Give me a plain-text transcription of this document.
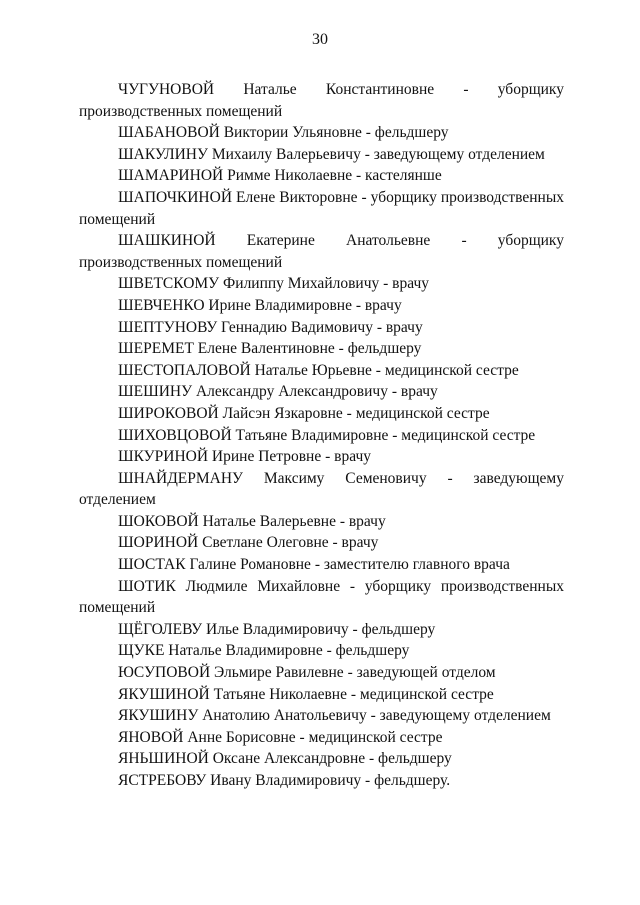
30

ЧУГУНОВОЙ Наталье Константиновне - уборщику производственных помещений

ШАБАНОВОЙ Виктории Ульяновне - фельдшеру

ШАКУЛИНУ Михаилу Валерьевичу - заведующему отделением

ШАМАРИНОЙ Римме Николаевне - кастелянше

ШАПОЧКИНОЙ Елене Викторовне - уборщику производственных помещений

ШАШКИНОЙ Екатерине Анатольевне - уборщику производственных помещений

ШВЕТСКОМУ Филиппу Михайловичу - врачу

ШЕВЧЕНКО Ирине Владимировне - врачу

ШЕПТУНОВУ Геннадию Вадимовичу - врачу

ШЕРЕМЕТ Елене Валентиновне - фельдшеру

ШЕСТОПАЛОВОЙ Наталье Юрьевне - медицинской сестре

ШЕШИНУ Александру Александровичу - врачу

ШИРОКОВОЙ Лайсэн Язкаровне - медицинской сестре

ШИХОВЦОВОЙ Татьяне Владимировне - медицинской сестре

ШКУРИНОЙ Ирине Петровне - врачу

ШНАЙДЕРМАНУ Максиму Семеновичу - заведующему отделением

ШОКОВОЙ Наталье Валерьевне - врачу

ШОРИНОЙ Светлане Олеговне - врачу

ШОСТАК Галине Романовне - заместителю главного врача

ШОТИК Людмиле Михайловне - уборщику производственных помещений

ЩЁГОЛЕВУ Илье Владимировичу - фельдшеру

ЩУКЕ Наталье Владимировне - фельдшеру

ЮСУПОВОЙ Эльмире Равилевне - заведующей отделом

ЯКУШИНОЙ Татьяне Николаевне - медицинской сестре

ЯКУШИНУ Анатолию Анатольевичу - заведующему отделением

ЯНОВОЙ Анне Борисовне - медицинской сестре

ЯНЬШИНОЙ Оксане Александровне - фельдшеру

ЯСТРЕБОВУ Ивану Владимировичу - фельдшеру.
